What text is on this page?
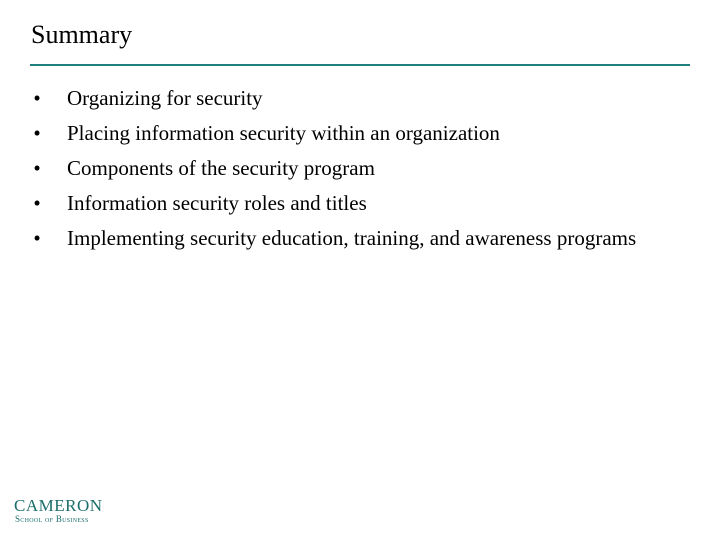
Summary
• Organizing for security
• Placing information security within an organization
• Components of the security program
• Information security roles and titles
• Implementing security education, training, and awareness programs
CAMERON
School of Business
